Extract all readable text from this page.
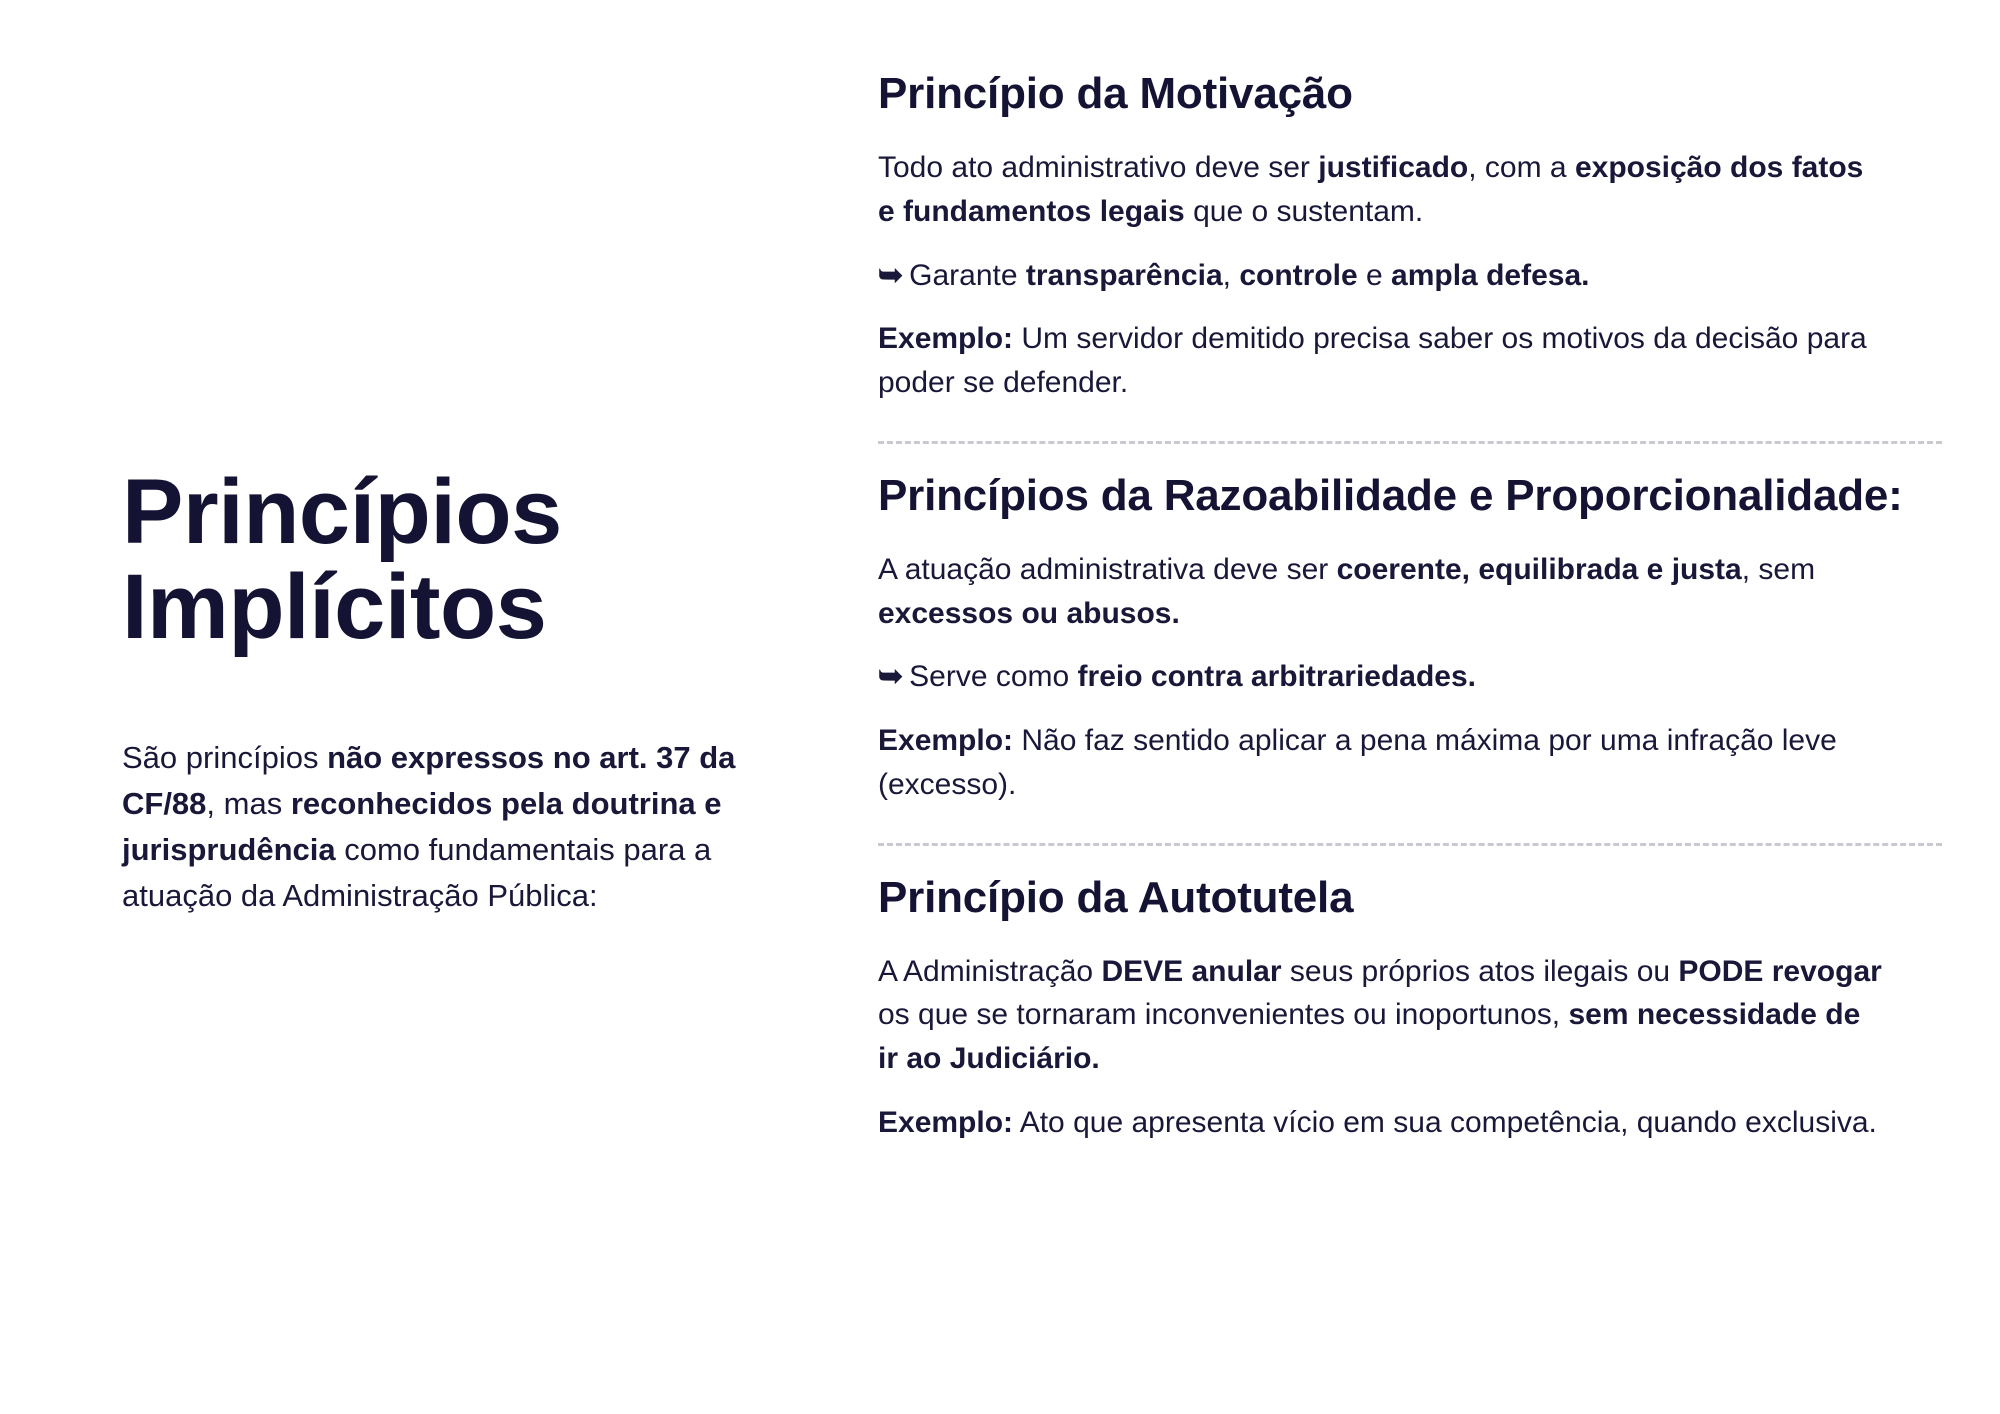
Princípios
Implícitos

São princípios não expressos no art. 37 da CF/88, mas reconhecidos pela doutrina e jurisprudência como fundamentais para a atuação da Administração Pública:

Princípio da Motivação

Todo ato administrativo deve ser justificado, com a exposição dos fatos e fundamentos legais que o sustentam.

➥ Garante transparência, controle e ampla defesa.

Exemplo: Um servidor demitido precisa saber os motivos da decisão para poder se defender.

Princípios da Razoabilidade e Proporcionalidade:

A atuação administrativa deve ser coerente, equilibrada e justa, sem excessos ou abusos.

➥ Serve como freio contra arbitrariedades.

Exemplo: Não faz sentido aplicar a pena máxima por uma infração leve (excesso).

Princípio da Autotutela

A Administração DEVE anular seus próprios atos ilegais ou PODE revogar os que se tornaram inconvenientes ou inoportunos, sem necessidade de ir ao Judiciário.

Exemplo: Ato que apresenta vício em sua competência, quando exclusiva.
